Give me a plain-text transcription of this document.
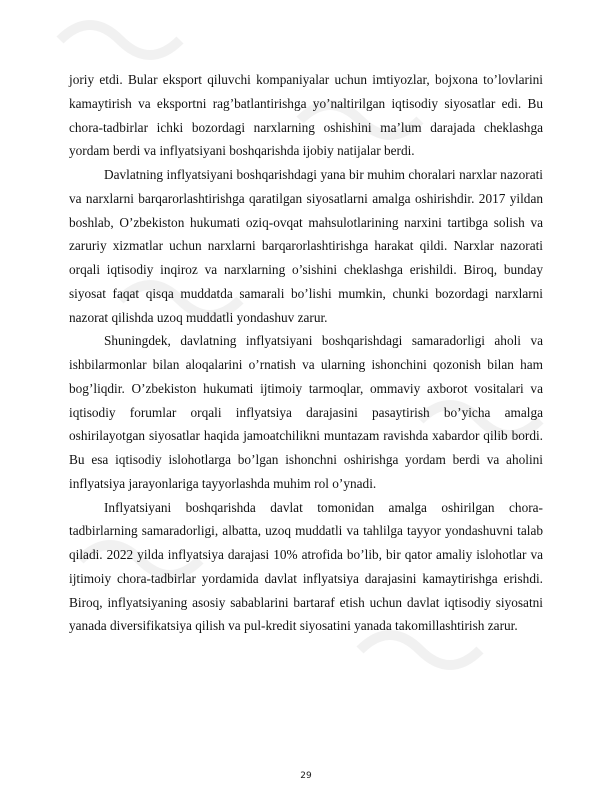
joriy etdi. Bular eksport qiluvchi kompaniyalar uchun imtiyozlar, bojxona to’lovlarini kamaytirish va eksportni rag’batlantirishga yo’naltirilgan iqtisodiy siyosatlar edi. Bu chora-tadbirlar ichki bozordagi narxlarning oshishini ma’lum darajada cheklashga yordam berdi va inflyatsiyani boshqarishda ijobiy natijalar berdi.

Davlatning inflyatsiyani boshqarishdagi yana bir muhim choralari narxlar nazorati va narxlarni barqarorlashtirishga qaratilgan siyosatlarni amalga oshirishdir. 2017 yildan boshlab, O’zbekiston hukumati oziq-ovqat mahsulotlarining narxini tartibga solish va zaruriy xizmatlar uchun narxlarni barqarorlashtirishga harakat qildi. Narxlar nazorati orqali iqtisodiy inqiroz va narxlarning o’sishini cheklashga erishildi. Biroq, bunday siyosat faqat qisqa muddatda samarali bo’lishi mumkin, chunki bozordagi narxlarni nazorat qilishda uzoq muddatli yondashuv zarur.

Shuningdek, davlatning inflyatsiyani boshqarishdagi samaradorligi aholi va ishbilarmonlar bilan aloqalarini o’rnatish va ularning ishonchini qozonish bilan ham bog’liqdir. O’zbekiston hukumati ijtimoiy tarmoqlar, ommaviy axborot vositalari va iqtisodiy forumlar orqali inflyatsiya darajasini pasaytirish bo’yicha amalga oshirilayotgan siyosatlar haqida jamoatchilikni muntazam ravishda xabardor qilib bordi. Bu esa iqtisodiy islohotlarga bo’lgan ishonchni oshirishga yordam berdi va aholini inflyatsiya jarayonlariga tayyorlashda muhim rol o’ynadi.

Inflyatsiyani boshqarishda davlat tomonidan amalga oshirilgan chora-tadbirlarning samaradorligi, albatta, uzoq muddatli va tahlilga tayyor yondashuvni talab qiladi. 2022 yilda inflyatsiya darajasi 10% atrofida bo’lib, bir qator amaliy islohotlar va ijtimoiy chora-tadbirlar yordamida davlat inflyatsiya darajasini kamaytirishga erishdi. Biroq, inflyatsiyaning asosiy sabablarini bartaraf etish uchun davlat iqtisodiy siyosatni yanada diversifikatsiya qilish va pul-kredit siyosatini yanada takomillashtirish zarur.

29
